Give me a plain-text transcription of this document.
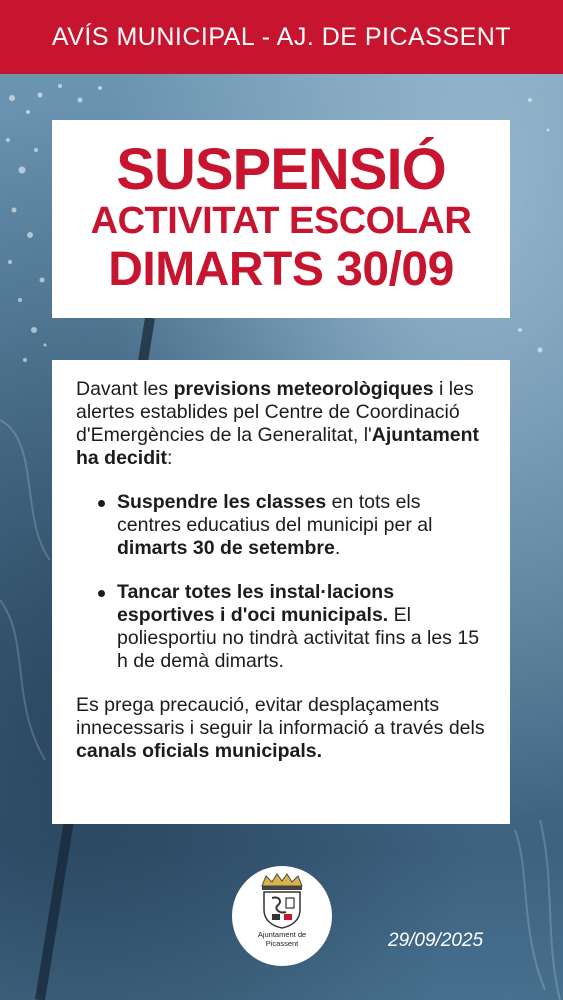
AVÍS MUNICIPAL - AJ. DE PICASSENT
SUSPENSIÓ
ACTIVITAT ESCOLAR
DIMARTS 30/09

Davant les previsions meteorològiques i les alertes establides pel Centre de Coordinació d'Emergències de la Generalitat, l'Ajuntament ha decidit:

Suspendre les classes en tots els centres educatius del municipi per al dimarts 30 de setembre.
Tancar totes les instal·lacions esportives i d'oci municipals. El poliesportiu no tindrà activitat fins a les 15 h de demà dimarts.

Es prega precaució, evitar desplaçaments innecessaris i seguir la informació a través dels canals oficials municipals.

Ajuntament de
Picassent	29/09/2025
